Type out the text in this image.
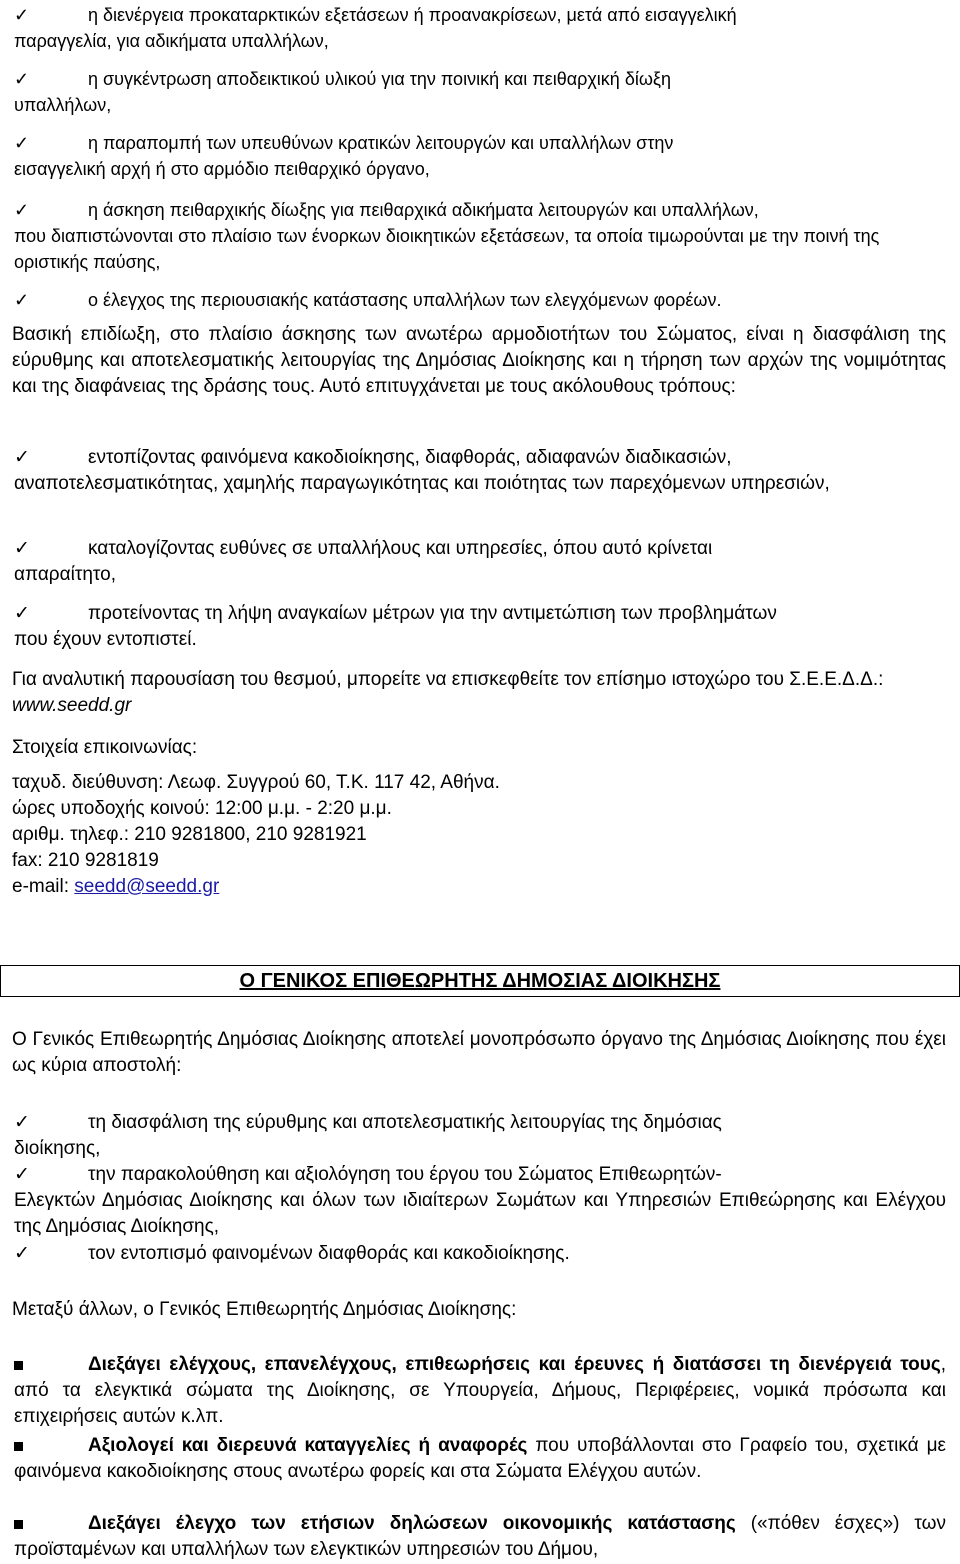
✓	η διενέργεια προκαταρκτικών εξετάσεων ή προανακρίσεων, μετά από εισαγγελική
παραγγελία, για αδικήματα υπαλλήλων,
✓	η συγκέντρωση αποδεικτικού υλικού για την ποινική και πειθαρχική δίωξη
υπαλλήλων,
✓	η παραπομπή των υπευθύνων κρατικών λειτουργών και υπαλλήλων στην
εισαγγελική αρχή ή στο αρμόδιο πειθαρχικό όργανο,
✓	η άσκηση πειθαρχικής δίωξης για πειθαρχικά αδικήματα λειτουργών και υπαλλήλων,
που διαπιστώνονται στο πλαίσιο των ένορκων διοικητικών εξετάσεων, τα οποία τιμωρούνται με την ποινή της οριστικής παύσης,
✓	ο έλεγχος της περιουσιακής κατάστασης υπαλλήλων των ελεγχόμενων φορέων.
Βασική επιδίωξη, στο πλαίσιο άσκησης των ανωτέρω αρμοδιοτήτων του Σώματος, είναι η διασφάλιση της εύρυθμης και αποτελεσματικής λειτουργίας της Δημόσιας Διοίκησης και η τήρηση των αρχών της νομιμότητας και της διαφάνειας της δράσης τους. Αυτό επιτυγχάνεται με τους ακόλουθους τρόπους:
✓	εντοπίζοντας φαινόμενα κακοδιοίκησης, διαφθοράς, αδιαφανών διαδικασιών,
αναποτελεσματικότητας, χαμηλής παραγωγικότητας και ποιότητας των παρεχόμενων υπηρεσιών,
✓	καταλογίζοντας ευθύνες σε υπαλλήλους και υπηρεσίες, όπου αυτό κρίνεται
απαραίτητο,
✓	προτείνοντας τη λήψη αναγκαίων μέτρων για την αντιμετώπιση των προβλημάτων
που έχουν εντοπιστεί.
Για αναλυτική παρουσίαση του θεσμού, μπορείτε να επισκεφθείτε τον επίσημο ιστοχώρο του Σ.Ε.Ε.Δ.Δ.: www.seedd.gr
Στοιχεία επικοινωνίας:
ταχυδ. διεύθυνση: Λεωφ. Συγγρού 60, Τ.Κ. 117 42, Αθήνα.
ώρες υποδοχής κοινού: 12:00 μ.μ. - 2:20 μ.μ.
αριθμ. τηλεφ.: 210 9281800, 210 9281921
fax: 210 9281819
e-mail: seedd@seedd.gr
Ο ΓΕΝΙΚΟΣ ΕΠΙΘΕΩΡΗΤΗΣ ΔΗΜΟΣΙΑΣ ΔΙΟΙΚΗΣΗΣ
Ο Γενικός Επιθεωρητής Δημόσιας Διοίκησης αποτελεί μονοπρόσωπο όργανο της Δημόσιας Διοίκησης που έχει ως κύρια αποστολή:
✓	τη διασφάλιση της εύρυθμης και αποτελεσματικής λειτουργίας της δημόσιας
διοίκησης,
✓	την παρακολούθηση και αξιολόγηση του έργου του Σώματος Επιθεωρητών-
Ελεγκτών Δημόσιας Διοίκησης και όλων των ιδιαίτερων Σωμάτων και Υπηρεσιών Επιθεώρησης και Ελέγχου της Δημόσιας Διοίκησης,
✓	τον εντοπισμό φαινομένων διαφθοράς και κακοδιοίκησης.
Μεταξύ άλλων, ο Γενικός Επιθεωρητής Δημόσιας Διοίκησης:
Διεξάγει ελέγχους, επανελέγχους, επιθεωρήσεις και έρευνες ή διατάσσει τη διενέργειά τους, από τα ελεγκτικά σώματα της Διοίκησης, σε Υπουργεία, Δήμους, Περιφέρειες, νομικά πρόσωπα και επιχειρήσεις αυτών κ.λπ.
Αξιολογεί και διερευνά καταγγελίες ή αναφορές που υποβάλλονται στο Γραφείο του, σχετικά με φαινόμενα κακοδιοίκησης στους ανωτέρω φορείς και στα Σώματα Ελέγχου αυτών.
Διεξάγει έλεγχο των ετήσιων δηλώσεων οικονομικής κατάστασης («πόθεν έσχες») των προϊσταμένων και υπαλλήλων των ελεγκτικών υπηρεσιών του Δήμου,
